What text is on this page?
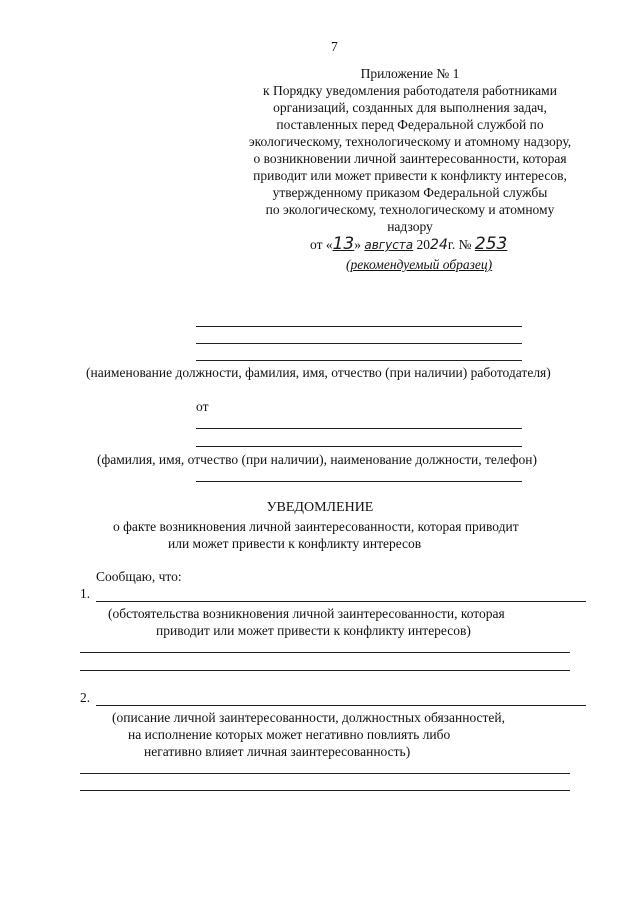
7
Приложение № 1
к Порядку уведомления работодателя работниками
организаций, созданных для выполнения задач,
поставленных перед Федеральной службой по
экологическому, технологическому и атомному надзору,
о возникновении личной заинтересованности, которая
приводит или может привести к конфликту интересов,
утвержденному приказом Федеральной службы
по экологическому, технологическому и атомному
надзору
от «13» августа 2024г. № 253
(рекомендуемый образец)
(наименование должности, фамилия, имя, отчество (при наличии) работодателя)
от
(фамилия, имя, отчество (при наличии), наименование должности, телефон)
УВЕДОМЛЕНИЕ
о факте возникновения личной заинтересованности, которая приводит
или может привести к конфликту интересов
Сообщаю, что:
1.
(обстоятельства возникновения личной заинтересованности, которая
приводит или может привести к конфликту интересов)
2.
(описание личной заинтересованности, должностных обязанностей,
на исполнение которых может негативно повлиять либо
негативно влияет личная заинтересованность)
